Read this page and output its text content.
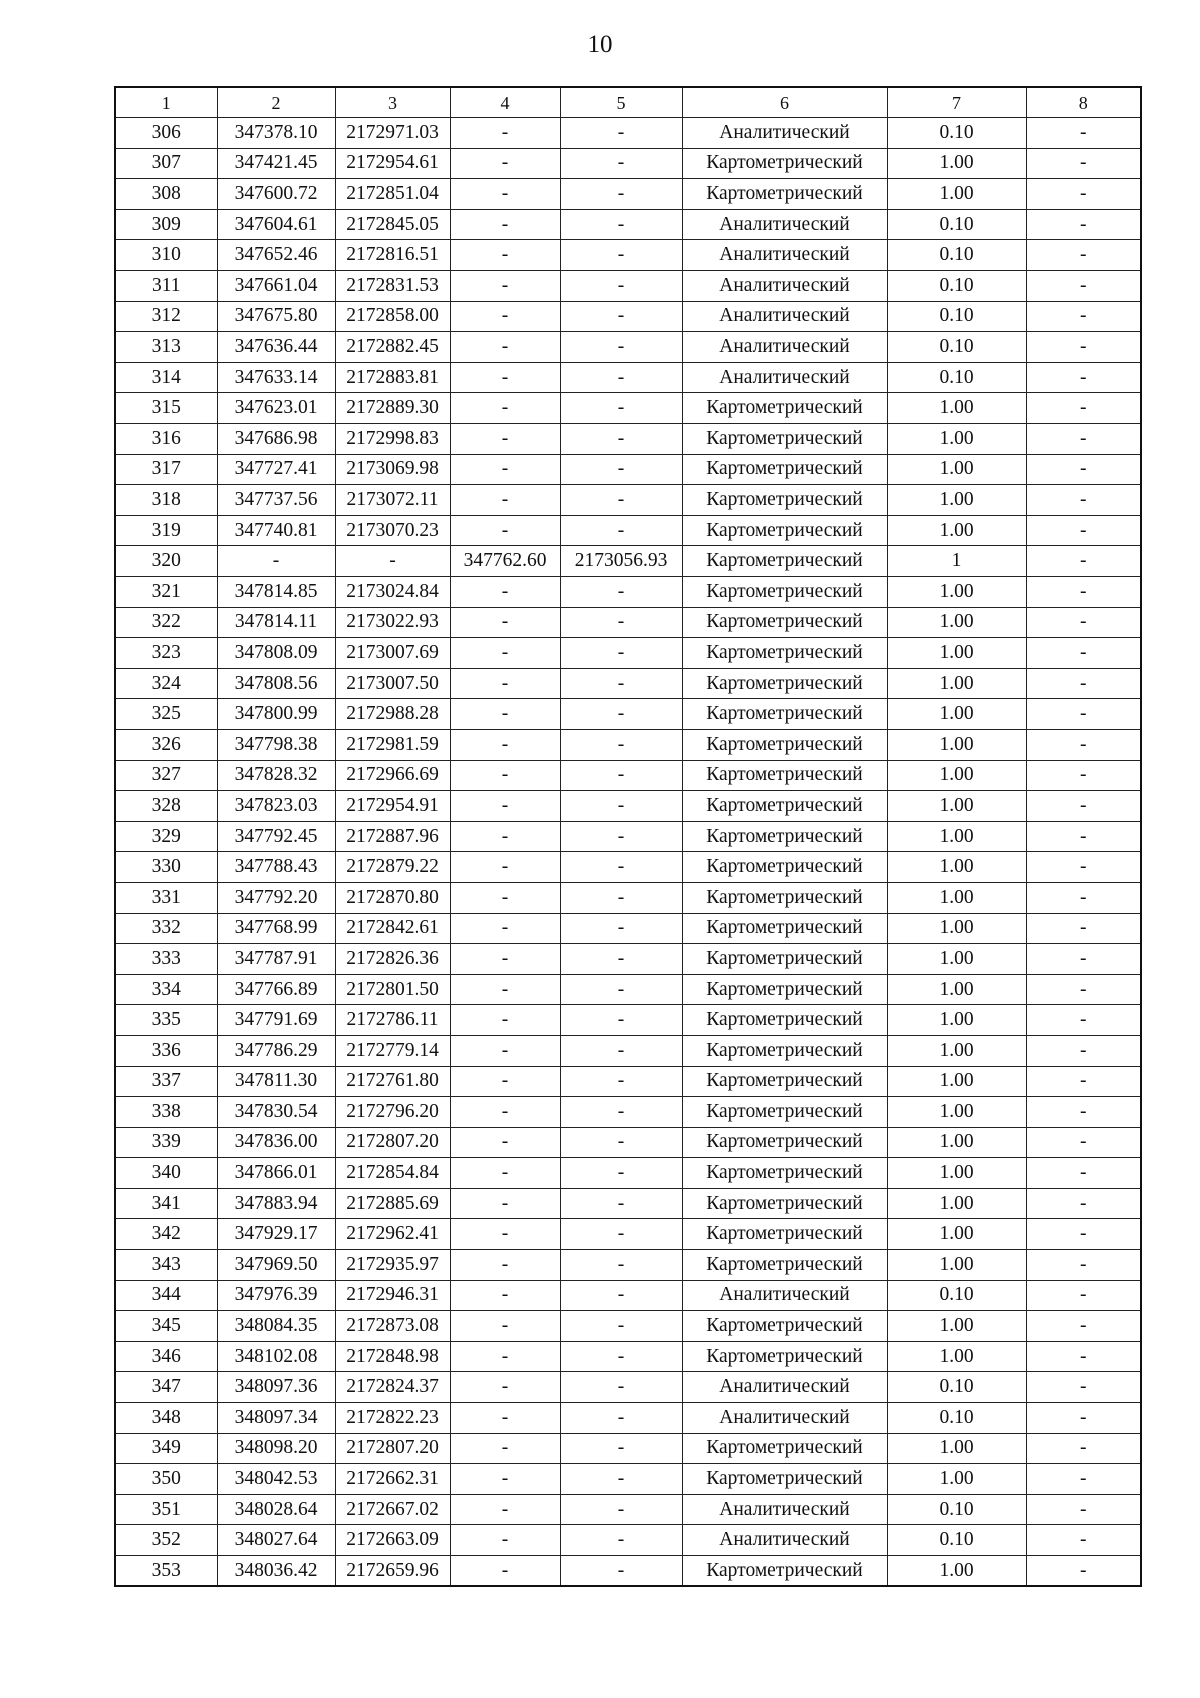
10
1	2	3	4	5	6	7	8
306	347378.10	2172971.03	-	-	Аналитический	0.10	-
307	347421.45	2172954.61	-	-	Картометрический	1.00	-
308	347600.72	2172851.04	-	-	Картометрический	1.00	-
309	347604.61	2172845.05	-	-	Аналитический	0.10	-
310	347652.46	2172816.51	-	-	Аналитический	0.10	-
311	347661.04	2172831.53	-	-	Аналитический	0.10	-
312	347675.80	2172858.00	-	-	Аналитический	0.10	-
313	347636.44	2172882.45	-	-	Аналитический	0.10	-
314	347633.14	2172883.81	-	-	Аналитический	0.10	-
315	347623.01	2172889.30	-	-	Картометрический	1.00	-
316	347686.98	2172998.83	-	-	Картометрический	1.00	-
317	347727.41	2173069.98	-	-	Картометрический	1.00	-
318	347737.56	2173072.11	-	-	Картометрический	1.00	-
319	347740.81	2173070.23	-	-	Картометрический	1.00	-
320	-	-	347762.60	2173056.93	Картометрический	1	-
321	347814.85	2173024.84	-	-	Картометрический	1.00	-
322	347814.11	2173022.93	-	-	Картометрический	1.00	-
323	347808.09	2173007.69	-	-	Картометрический	1.00	-
324	347808.56	2173007.50	-	-	Картометрический	1.00	-
325	347800.99	2172988.28	-	-	Картометрический	1.00	-
326	347798.38	2172981.59	-	-	Картометрический	1.00	-
327	347828.32	2172966.69	-	-	Картометрический	1.00	-
328	347823.03	2172954.91	-	-	Картометрический	1.00	-
329	347792.45	2172887.96	-	-	Картометрический	1.00	-
330	347788.43	2172879.22	-	-	Картометрический	1.00	-
331	347792.20	2172870.80	-	-	Картометрический	1.00	-
332	347768.99	2172842.61	-	-	Картометрический	1.00	-
333	347787.91	2172826.36	-	-	Картометрический	1.00	-
334	347766.89	2172801.50	-	-	Картометрический	1.00	-
335	347791.69	2172786.11	-	-	Картометрический	1.00	-
336	347786.29	2172779.14	-	-	Картометрический	1.00	-
337	347811.30	2172761.80	-	-	Картометрический	1.00	-
338	347830.54	2172796.20	-	-	Картометрический	1.00	-
339	347836.00	2172807.20	-	-	Картометрический	1.00	-
340	347866.01	2172854.84	-	-	Картометрический	1.00	-
341	347883.94	2172885.69	-	-	Картометрический	1.00	-
342	347929.17	2172962.41	-	-	Картометрический	1.00	-
343	347969.50	2172935.97	-	-	Картометрический	1.00	-
344	347976.39	2172946.31	-	-	Аналитический	0.10	-
345	348084.35	2172873.08	-	-	Картометрический	1.00	-
346	348102.08	2172848.98	-	-	Картометрический	1.00	-
347	348097.36	2172824.37	-	-	Аналитический	0.10	-
348	348097.34	2172822.23	-	-	Аналитический	0.10	-
349	348098.20	2172807.20	-	-	Картометрический	1.00	-
350	348042.53	2172662.31	-	-	Картометрический	1.00	-
351	348028.64	2172667.02	-	-	Аналитический	0.10	-
352	348027.64	2172663.09	-	-	Аналитический	0.10	-
353	348036.42	2172659.96	-	-	Картометрический	1.00	-
